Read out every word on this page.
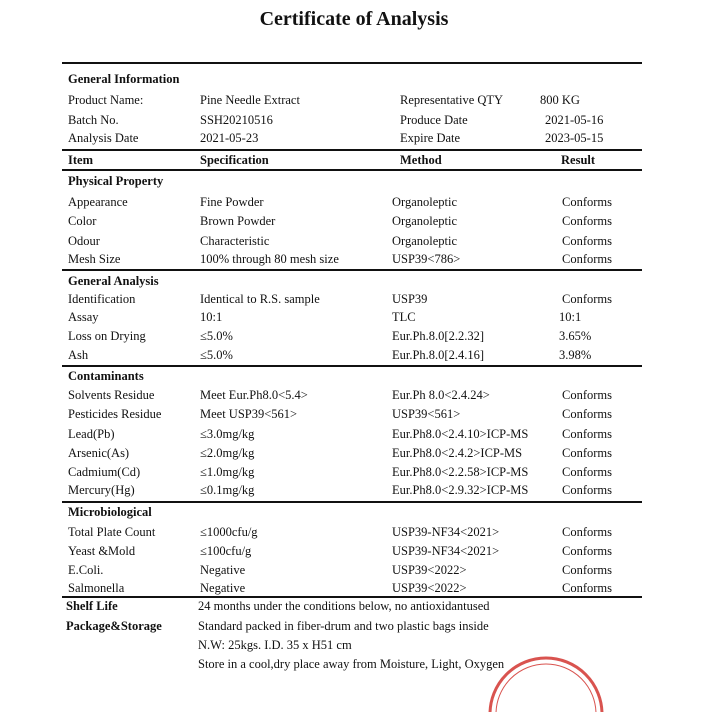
Certificate of Analysis
General Information
Product Name:	Pine Needle Extract	Representative QTY	800 KG
Batch No.	SSH20210516	Produce Date	2021-05-16
Analysis Date	2021-05-23	Expire Date	2023-05-15
Item	Specification	Method	Result
Physical Property
Appearance	Fine Powder	Organoleptic	Conforms
Color	Brown Powder	Organoleptic	Conforms
Odour	Characteristic	Organoleptic	Conforms
Mesh Size	100% through 80 mesh size	USP39<786>	Conforms
General Analysis
Identification	Identical to R.S. sample	USP39	Conforms
Assay	10:1	TLC	10:1
Loss on Drying	≤5.0%	Eur.Ph.8.0[2.2.32]	3.65%
Ash	≤5.0%	Eur.Ph.8.0[2.4.16]	3.98%
Contaminants
Solvents Residue	Meet Eur.Ph8.0<5.4>	Eur.Ph 8.0<2.4.24>	Conforms
Pesticides Residue	Meet USP39<561>	USP39<561>	Conforms
Lead(Pb)	≤3.0mg/kg	Eur.Ph8.0<2.4.10>ICP-MS	Conforms
Arsenic(As)	≤2.0mg/kg	Eur.Ph8.0<2.4.2>ICP-MS	Conforms
Cadmium(Cd)	≤1.0mg/kg	Eur.Ph8.0<2.2.58>ICP-MS	Conforms
Mercury(Hg)	≤0.1mg/kg	Eur.Ph8.0<2.9.32>ICP-MS	Conforms
Microbiological
Total Plate Count	≤1000cfu/g	USP39-NF34<2021>	Conforms
Yeast &Mold	≤100cfu/g	USP39-NF34<2021>	Conforms
E.Coli.	Negative	USP39<2022>	Conforms
Salmonella	Negative	USP39<2022>	Conforms
Shelf Life	24 months under the conditions below, no antioxidantused
Package&Storage	Standard packed in fiber-drum and two plastic bags inside
N.W: 25kgs. I.D. 35 x H51 cm
Store in a cool,dry place away from Moisture, Light, Oxygen
